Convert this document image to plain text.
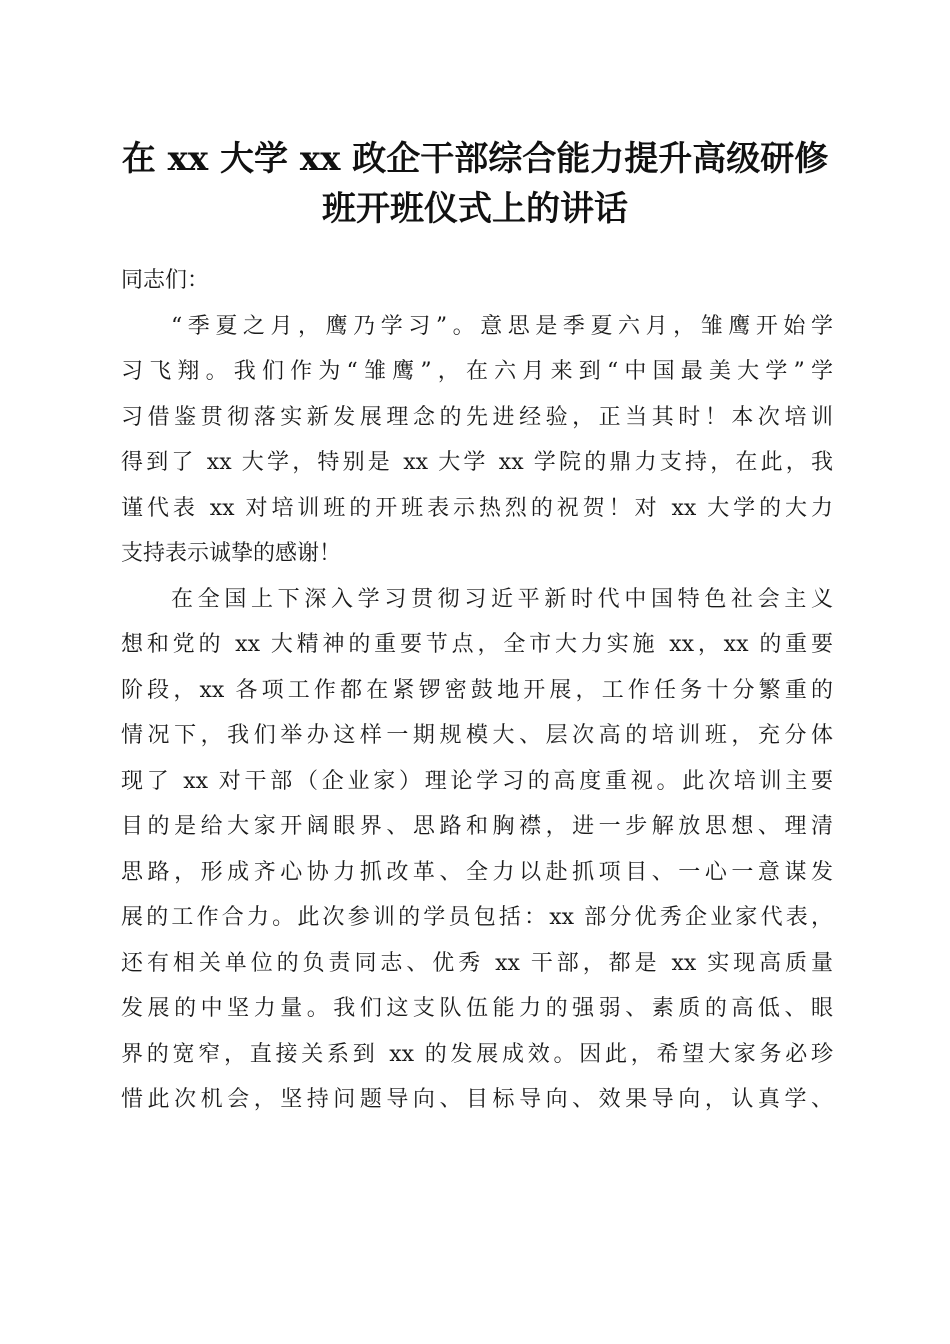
在 xx 大学 xx 政企干部综合能力提升高级研修
班开班仪式上的讲话
同志们：
“季夏之月，鹰乃学习”。意思是季夏六月，雏鹰开始学
习飞翔。我们作为“雏鹰”，在六月来到“中国最美大学”学
习借鉴贯彻落实新发展理念的先进经验，正当其时！本次培训
得到了 xx 大学，特别是 xx 大学 xx 学院的鼎力支持，在此，我
谨代表 xx 对培训班的开班表示热烈的祝贺！对 xx 大学的大力
支持表示诚挚的感谢！
在全国上下深入学习贯彻习近平新时代中国特色社会主义
想和党的 xx 大精神的重要节点，全市大力实施 xx，xx 的重要
阶段，xx 各项工作都在紧锣密鼓地开展，工作任务十分繁重的
情况下，我们举办这样一期规模大、层次高的培训班，充分体
现了 xx 对干部（企业家）理论学习的高度重视。此次培训主要
目的是给大家开阔眼界、思路和胸襟，进一步解放思想、理清
思路，形成齐心协力抓改革、全力以赴抓项目、一心一意谋发
展的工作合力。此次参训的学员包括：xx 部分优秀企业家代表，
还有相关单位的负责同志、优秀 xx 干部，都是 xx 实现高质量
发展的中坚力量。我们这支队伍能力的强弱、素质的高低、眼
界的宽窄，直接关系到 xx 的发展成效。因此，希望大家务必珍
惜此次机会，坚持问题导向、目标导向、效果导向，认真学、
